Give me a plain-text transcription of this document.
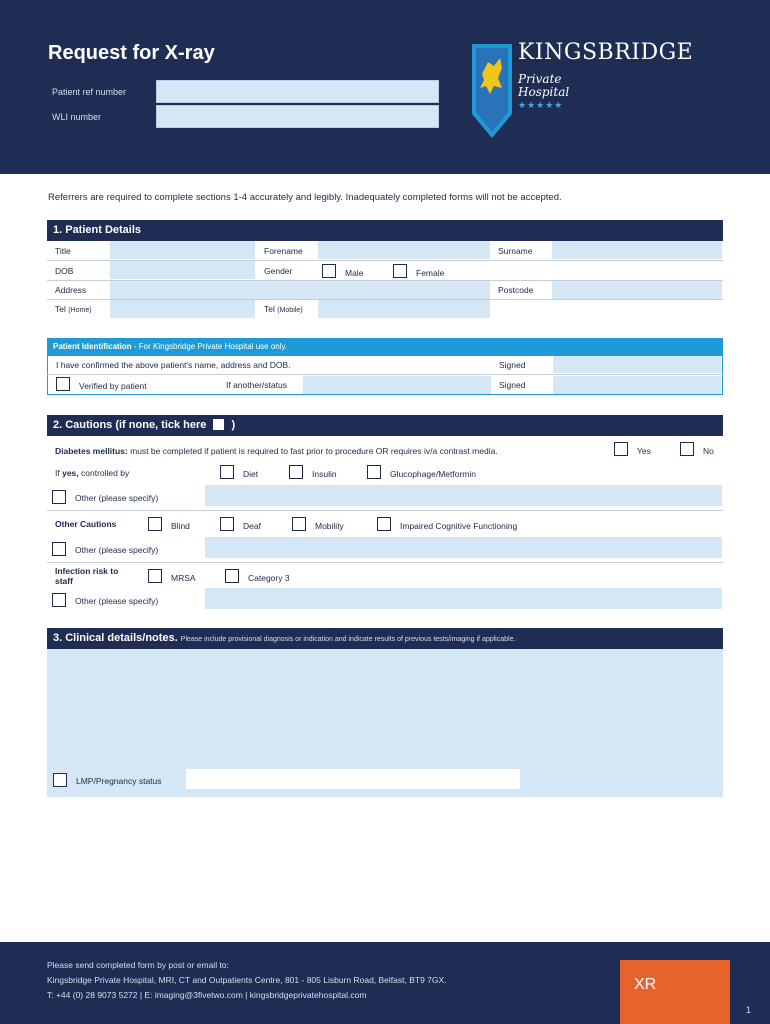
Request for X-ray
Patient ref number
WLI number
KINGSBRIDGE
Private
Hospital
★★★★★
Referrers are required to complete sections 1-4 accurately and legibly. Inadequately completed forms will not be accepted.
1. Patient Details
Title	Forename	Surname
DOB	Gender	Male	Female
Address	Postcode
Tel (Home)	Tel (Mobile)
Patient Identification - For Kingsbridge Private Hospital use only.
I have confirmed the above patient's name, address and DOB.	Signed
Verified by patient	If another/status	Signed
2. Cautions (if none, tick here )
Diabetes mellitus: must be completed if patient is required to fast prior to procedure OR requires iv/a contrast media.	Yes	No
If yes, controlled by	Diet	Insulin	Glucophage/Metformin
Other (please specify)
Other Cautions	Blind	Deaf	Mobility	Impaired Cognitive Functioning
Other (please specify)
Infection risk to
staff	MRSA	Category 3
Other (please specify)
3. Clinical details/notes. Please include provisional diagnosis or indication and indicate results of previous tests/imaging if applicable.
LMP/Pregnancy status
Please send completed form by post or email to:
Kingsbridge Private Hospital, MRI, CT and Outpatients Centre, 801 - 805 Lisburn Road, Belfast, BT9 7GX.
T: +44 (0) 28 9073 5272 | E: imaging@3fivetwo.com | kingsbridgeprivatehospital.com
XR
1
